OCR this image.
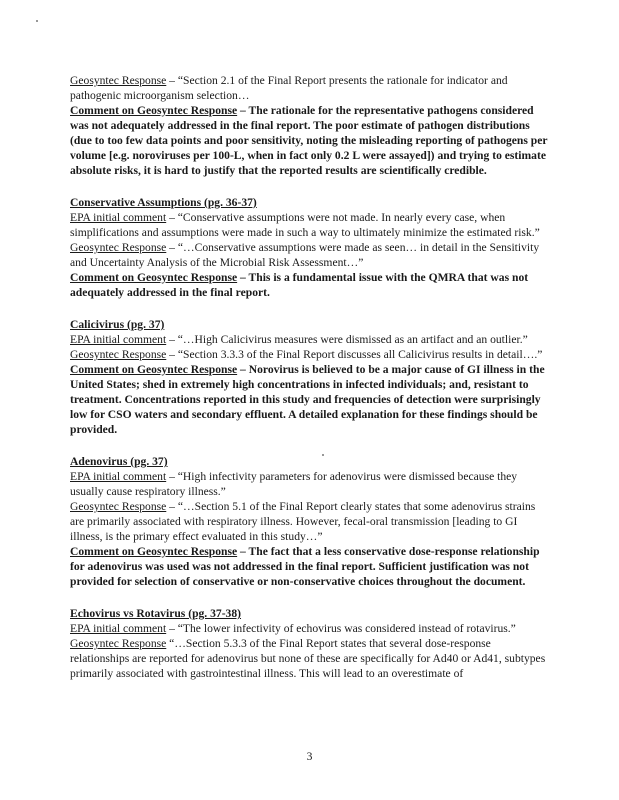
Geosyntec Response – “Section 2.1 of the Final Report presents the rationale for indicator and pathogenic microorganism selection…

Comment on Geosyntec Response – The rationale for the representative pathogens considered was not adequately addressed in the final report. The poor estimate of pathogen distributions (due to too few data points and poor sensitivity, noting the misleading reporting of pathogens per volume [e.g. noroviruses per 100-L, when in fact only 0.2 L were assayed]) and trying to estimate absolute risks, it is hard to justify that the reported results are scientifically credible.

Conservative Assumptions (pg. 36-37)

EPA initial comment – “Conservative assumptions were not made. In nearly every case, when simplifications and assumptions were made in such a way to ultimately minimize the estimated risk.”

Geosyntec Response – “…Conservative assumptions were made as seen… in detail in the Sensitivity and Uncertainty Analysis of the Microbial Risk Assessment…”

Comment on Geosyntec Response – This is a fundamental issue with the QMRA that was not adequately addressed in the final report.

Calicivirus (pg. 37)

EPA initial comment – “…High Calicivirus measures were dismissed as an artifact and an outlier.”

Geosyntec Response – “Section 3.3.3 of the Final Report discusses all Calicivirus results in detail….”

Comment on Geosyntec Response – Norovirus is believed to be a major cause of GI illness in the United States; shed in extremely high concentrations in infected individuals; and, resistant to treatment. Concentrations reported in this study and frequencies of detection were surprisingly low for CSO waters and secondary effluent. A detailed explanation for these findings should be provided.

Adenovirus (pg. 37)

EPA initial comment – “High infectivity parameters for adenovirus were dismissed because they usually cause respiratory illness.”

Geosyntec Response – “…Section 5.1 of the Final Report clearly states that some adenovirus strains are primarily associated with respiratory illness. However, fecal-oral transmission [leading to GI illness, is the primary effect evaluated in this study…”

Comment on Geosyntec Response – The fact that a less conservative dose-response relationship for adenovirus was used was not addressed in the final report. Sufficient justification was not provided for selection of conservative or non-conservative choices throughout the document.

Echovirus vs Rotavirus (pg. 37-38)

EPA initial comment – “The lower infectivity of echovirus was considered instead of rotavirus.”

Geosyntec Response “…Section 5.3.3 of the Final Report states that several dose-response relationships are reported for adenovirus but none of these are specifically for Ad40 or Ad41, subtypes primarily associated with gastrointestinal illness. This will lead to an overestimate of

3
